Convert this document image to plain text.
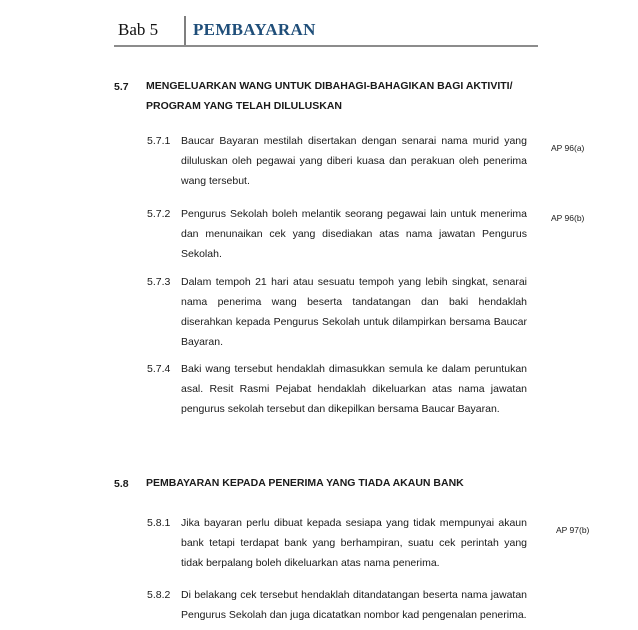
Bab 5 PEMBAYARAN
5.7 MENGELUARKAN WANG UNTUK DIBAHAGI-BAHAGIKAN BAGI AKTIVITI/ PROGRAM YANG TELAH DILULUSKAN
5.7.1 Baucar Bayaran mestilah disertakan dengan senarai nama murid yang diluluskan oleh pegawai yang diberi kuasa dan perakuan oleh penerima wang tersebut.
AP 96(a)
5.7.2 Pengurus Sekolah boleh melantik seorang pegawai lain untuk menerima dan menunaikan cek yang disediakan atas nama jawatan Pengurus Sekolah.
AP 96(b)
5.7.3 Dalam tempoh 21 hari atau sesuatu tempoh yang lebih singkat, senarai nama penerima wang beserta tandatangan dan baki hendaklah diserahkan kepada Pengurus Sekolah untuk dilampirkan bersama Baucar Bayaran.
5.7.4 Baki wang tersebut hendaklah dimasukkan semula ke dalam peruntukan asal. Resit Rasmi Pejabat hendaklah dikeluarkan atas nama jawatan pengurus sekolah tersebut dan dikepilkan bersama Baucar Bayaran.
5.8 PEMBAYARAN KEPADA PENERIMA YANG TIADA AKAUN BANK
5.8.1 Jika bayaran perlu dibuat kepada sesiapa yang tidak mempunyai akaun bank tetapi terdapat bank yang berhampiran, suatu cek perintah yang tidak berpalang boleh dikeluarkan atas nama penerima.
AP 97(b)
5.8.2 Di belakang cek tersebut hendaklah ditandatangan beserta nama jawatan Pengurus Sekolah dan juga dicatatkan nombor kad pengenalan penerima.
